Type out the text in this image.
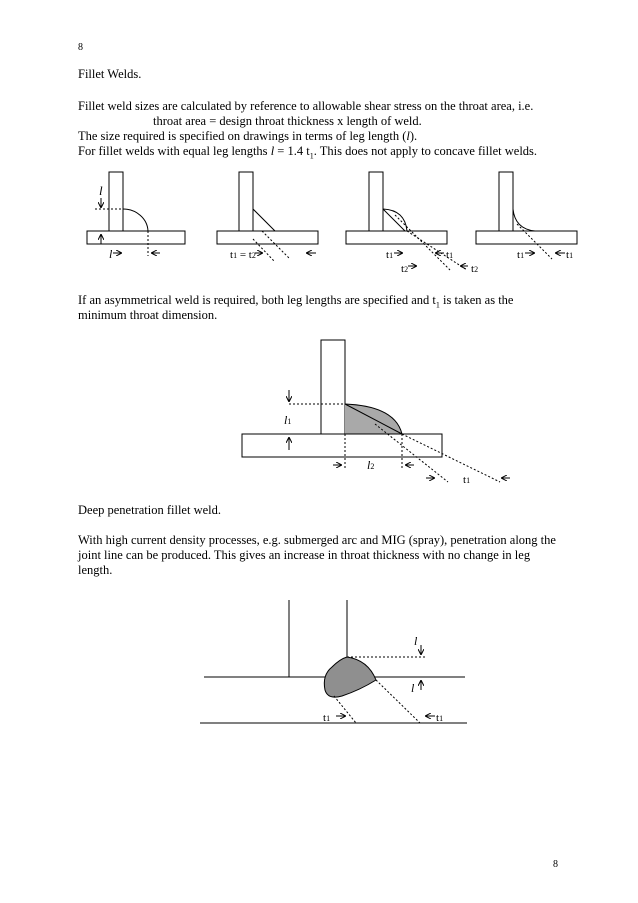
8
Fillet Welds.
Fillet weld sizes are calculated by reference to allowable shear stress on the throat area, i.e.
throat area = design throat thickness x length of weld.
The size required is specified on drawings in terms of leg length (l).
For fillet welds with equal leg lengths l = 1.4 $t_1$. This does not apply to concave fillet welds.
If an asymmetrical weld is required, both leg lengths are specified and $t_1$ is taken as the
minimum throat dimension.
Deep penetration fillet weld.
With high current density processes, e.g. submerged arc and MIG (spray), penetration along the
joint line can be produced. This gives an increase in throat thickness with no change in leg
length.
8
l
l	t1 = t2	t1	t1
t2	t2
t1	t1
l1
l2
t1
l
l
t1	t1
